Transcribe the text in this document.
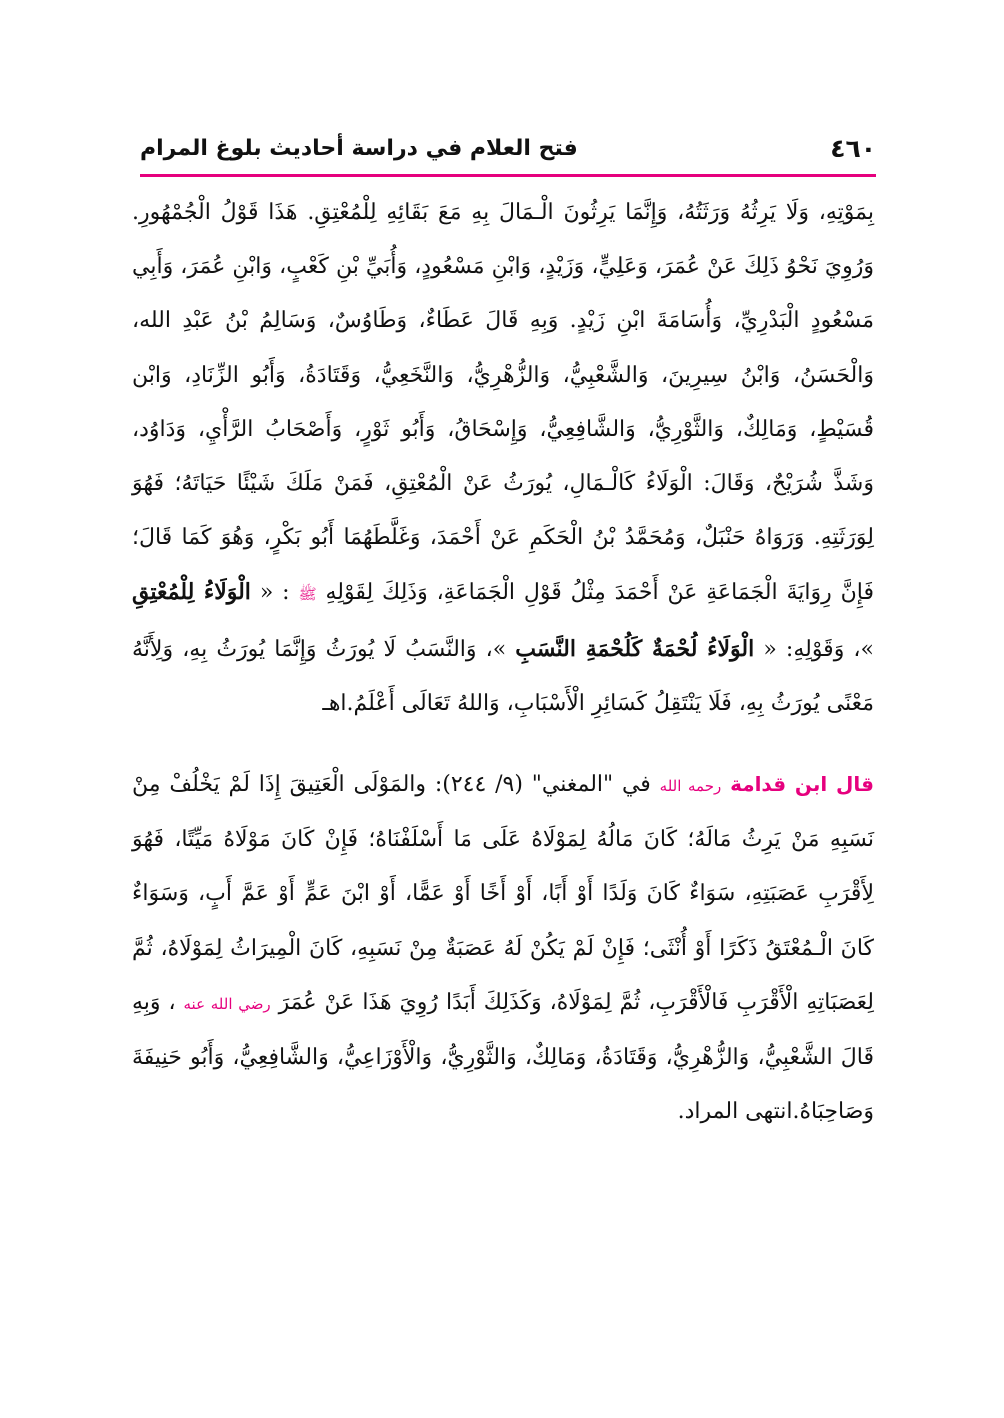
٤٦٠
فتح العلام في دراسة أحاديث بلوغ المرام

بِمَوْتِهِ، وَلَا يَرِثُهُ وَرَثَتُهُ، وَإِنَّمَا يَرِثُونَ الْـمَالَ بِهِ مَعَ بَقَائِهِ لِلْمُعْتِقِ. هَذَا قَوْلُ الْجُمْهُورِ. وَرُوِيَ نَحْوُ ذَلِكَ عَنْ عُمَرَ، وَعَلِيٍّ، وَزَيْدٍ، وَابْنِ مَسْعُودٍ، وَأُبَيِّ بْنِ كَعْبٍ، وَابْنِ عُمَرَ، وَأَبِي مَسْعُودٍ الْبَدْرِيِّ، وَأُسَامَةَ ابْنِ زَيْدٍ. وَبِهِ قَالَ عَطَاءٌ، وَطَاوُسٌ، وَسَالِمُ بْنُ عَبْدِ الله، وَالْحَسَنُ، وَابْنُ سِيرِينَ، وَالشَّعْبِيُّ، وَالزُّهْرِيُّ، وَالنَّخَعِيُّ، وَقَتَادَةُ، وَأَبُو الزِّنَادِ، وَابْن قُسَيْطٍ، وَمَالِكٌ، وَالثَّوْرِيُّ، وَالشَّافِعِيُّ، وَإِسْحَاقُ، وَأَبُو ثَوْرٍ، وَأَصْحَابُ الرَّأْيِ، وَدَاوُد، وَشَذَّ شُرَيْحٌ، وَقَالَ: الْوَلَاءُ كَالْـمَالِ، يُورَثُ عَنْ الْمُعْتِقِ، فَمَنْ مَلَكَ شَيْئًا حَيَاتَهُ؛ فَهُوَ لِوَرَثَتِهِ. وَرَوَاهُ حَنْبَلٌ، وَمُحَمَّدُ بْنُ الْحَكَمِ عَنْ أَحْمَدَ، وَغَلَّطَهُمَا أَبُو بَكْرٍ، وَهُوَ كَمَا قَالَ؛ فَإِنَّ رِوَايَةَ الْجَمَاعَةِ عَنْ أَحْمَدَ مِثْلُ قَوْلِ الْجَمَاعَةِ، وَذَلِكَ لِقَوْلِهِ ﷺ : « الْوَلَاءُ لِلْمُعْتِقِ »، وَقَوْلِهِ: « الْوَلَاءُ لُحْمَةٌ كَلُحْمَةِ النَّسَبِ »، وَالنَّسَبُ لَا يُورَثُ وَإِنَّمَا يُورَثُ بِهِ، وَلِأَنَّهُ مَعْنًى يُورَثُ بِهِ، فَلَا يَنْتَقِلُ كَسَائِرِ الْأَسْبَابِ، وَاللهُ تَعَالَى أَعْلَمُ.اهـ

قال ابن قدامة رحمه الله في "المغني" (٩/ ٢٤٤): والمَوْلَى الْعَتِيقَ إِذَا لَمْ يَخْلُفْ مِنْ نَسَبِهِ مَنْ يَرِثُ مَالَهُ؛ كَانَ مَالُهُ لِمَوْلَاهُ عَلَى مَا أَسْلَفْنَاهُ؛ فَإِنْ كَانَ مَوْلَاهُ مَيِّتًا، فَهُوَ لِأَقْرَبِ عَصَبَتِهِ، سَوَاءٌ كَانَ وَلَدًا أَوْ أَبًا، أَوْ أَخًا أَوْ عَمًّا، أَوْ ابْنَ عَمٍّ أَوْ عَمَّ أَبٍ، وَسَوَاءٌ كَانَ الْـمُعْتَقُ ذَكَرًا أَوْ أُنْثَى؛ فَإِنْ لَمْ يَكُنْ لَهُ عَصَبَةٌ مِنْ نَسَبِهِ، كَانَ الْمِيرَاثُ لِمَوْلَاهُ، ثُمَّ لِعَصَبَاتِهِ الْأَقْرَبِ فَالْأَقْرَبِ، ثُمَّ لِمَوْلَاهُ، وَكَذَلِكَ أَبَدًا رُوِيَ هَذَا عَنْ عُمَرَ رضي الله عنه ، وَبِهِ قَالَ الشَّعْبِيُّ، وَالزُّهْرِيُّ، وَقَتَادَةُ، وَمَالِكٌ، وَالثَّوْرِيُّ، وَالْأَوْزَاعِيُّ، وَالشَّافِعِيُّ، وَأَبُو حَنِيفَةَ وَصَاحِبَاهُ.انتهى المراد.
